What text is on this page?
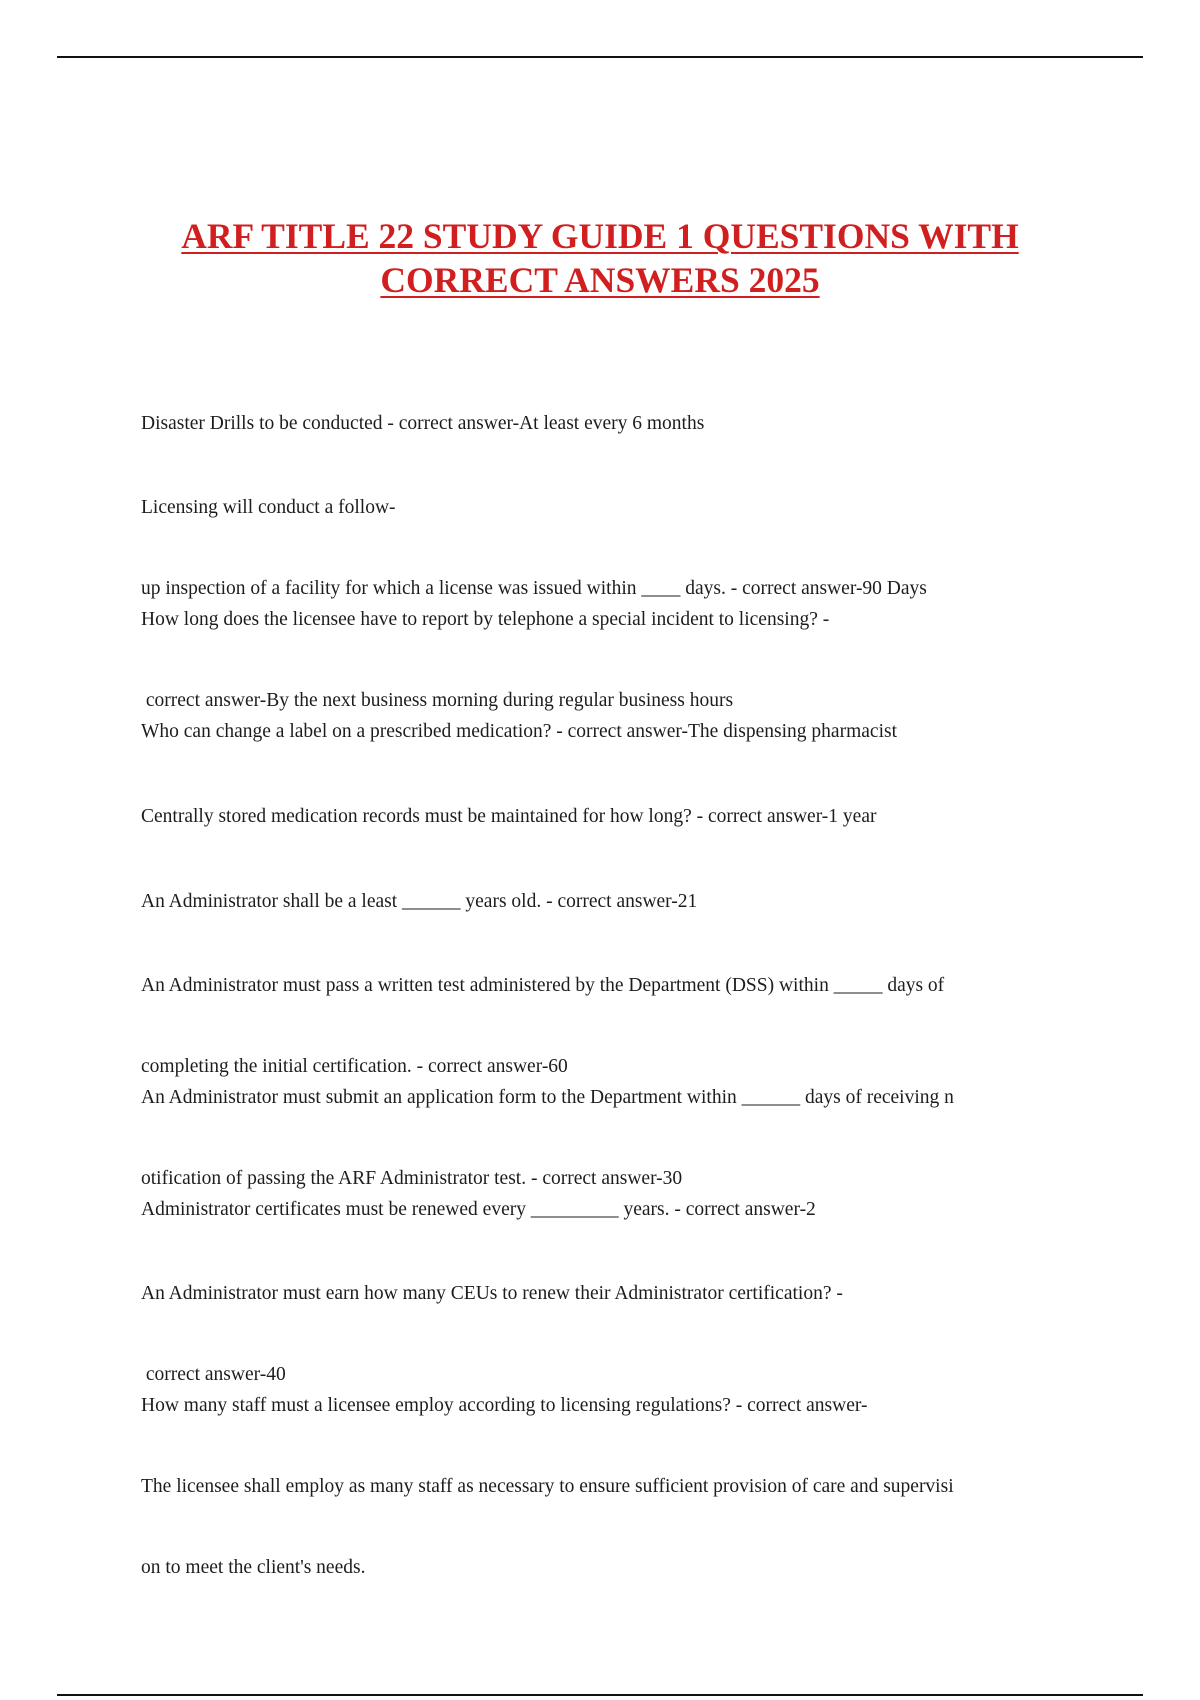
ARF TITLE 22 STUDY GUIDE 1 QUESTIONS WITH
CORRECT ANSWERS 2025

Disaster Drills to be conducted - correct answer-At least every 6 months

Licensing will conduct a follow-

up inspection of a facility for which a license was issued within ____ days. - correct answer-90 Days

How long does the licensee have to report by telephone a special incident to licensing? -

correct answer-By the next business morning during regular business hours

Who can change a label on a prescribed medication? - correct answer-The dispensing pharmacist

Centrally stored medication records must be maintained for how long? - correct answer-1 year

An Administrator shall be a least ______ years old. - correct answer-21

An Administrator must pass a written test administered by the Department (DSS) within _____ days of

completing the initial certification. - correct answer-60

An Administrator must submit an application form to the Department within ______ days of receiving n

otification of passing the ARF Administrator test. - correct answer-30

Administrator certificates must be renewed every _________ years. - correct answer-2

An Administrator must earn how many CEUs to renew their Administrator certification? -

correct answer-40

How many staff must a licensee employ according to licensing regulations? - correct answer-

The licensee shall employ as many staff as necessary to ensure sufficient provision of care and supervisi

on to meet the client's needs.
